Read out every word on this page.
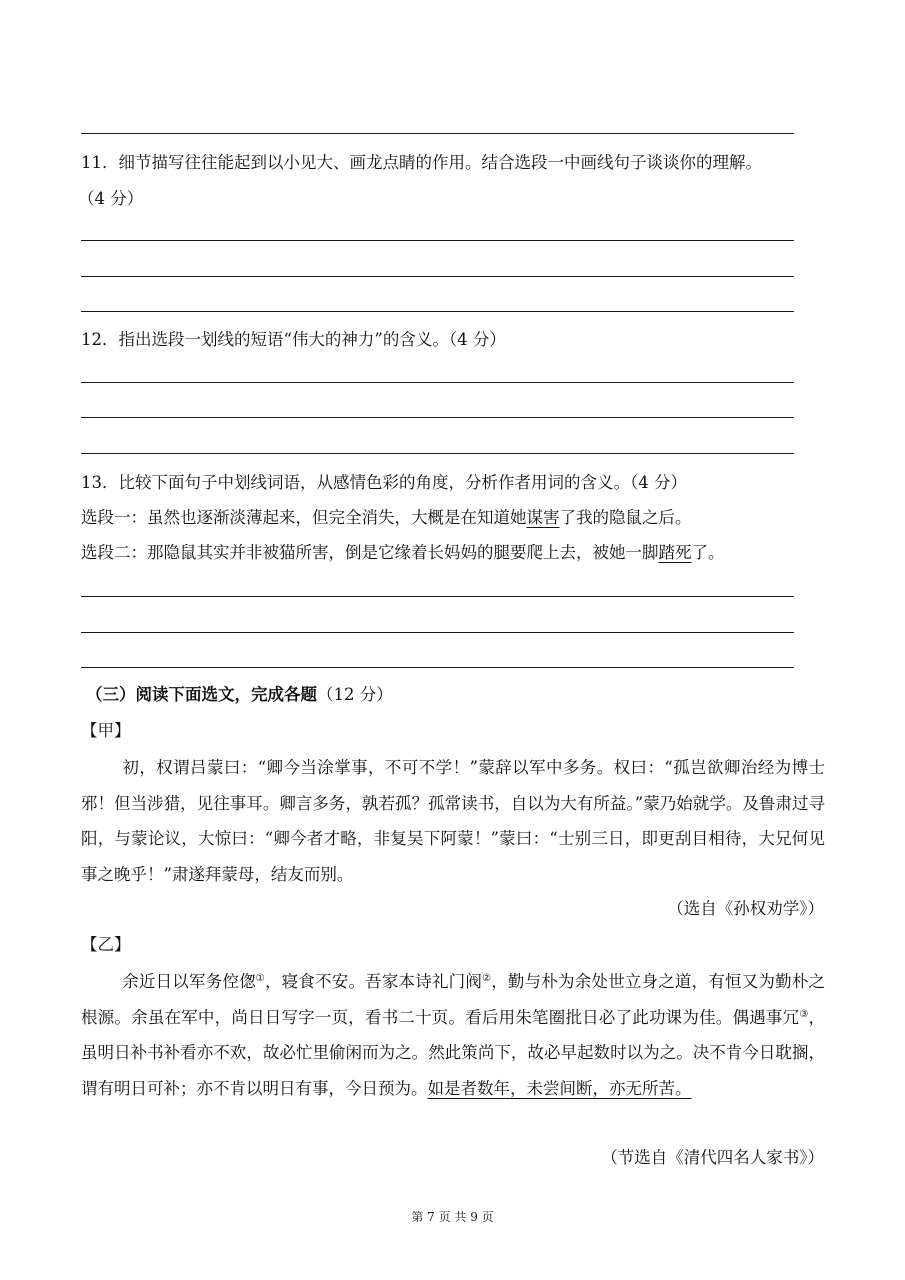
11．细节描写往往能起到以小见大、画龙点睛的作用。结合选段一中画线句子谈谈你的理解。
（4 分）
12．指出选段一划线的短语“伟大的神力”的含义。（4 分）
13．比较下面句子中划线词语，从感情色彩的角度，分析作者用词的含义。（4 分）
选段一：虽然也逐渐淡薄起来，但完全消失，大概是在知道她谋害了我的隐鼠之后。
选段二：那隐鼠其实并非被猫所害，倒是它缘着长妈妈的腿要爬上去，被她一脚踏死了。
（三）阅读下面选文，完成各题（12 分）
【甲】
初，权谓吕蒙曰：“卿今当涂掌事，不可不学！”蒙辞以军中多务。权曰：“孤岂欲卿治经为博士邪！但当涉猎，见往事耳。卿言多务，孰若孤？孤常读书，自以为大有所益。”蒙乃始就学。及鲁肃过寻阳，与蒙论议，大惊曰：“卿今者才略，非复吴下阿蒙！”蒙曰：“士别三日，即更刮目相待，大兄何见事之晚乎！”肃遂拜蒙母，结友而别。
（选自《孙权劝学》）
【乙】
余近日以军务倥偬①，寝食不安。吾家本诗礼门阀②，勤与朴为余处世立身之道，有恒又为勤朴之根源。余虽在军中，尚日日写字一页，看书二十页。看后用朱笔圈批日必了此功课为佳。偶遇事冗③，虽明日补书补看亦不欢，故必忙里偷闲而为之。然此策尚下，故必早起数时以为之。决不肯今日耽搁，谓有明日可补；亦不肯以明日有事，今日预为。如是者数年，未尝间断，亦无所苦。
（节选自《清代四名人家书》）
第 7 页 共 9 页
